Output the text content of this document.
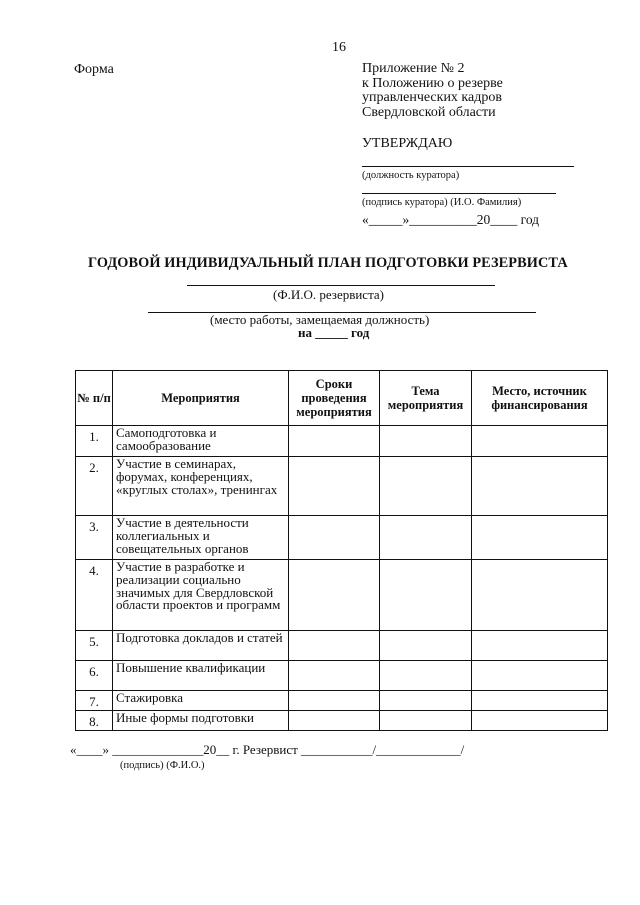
16
Форма	Приложение № 2
к Положению о резерве
управленческих кадров
Свердловской области
УТВЕРЖДАЮ
(должность куратора)
(подпись куратора) (И.О. Фамилия)
«_____»__________20____ год
ГОДОВОЙ ИНДИВИДУАЛЬНЫЙ ПЛАН ПОДГОТОВКИ РЕЗЕРВИСТА
(Ф.И.О. резервиста)
(место работы, замещаемая должность)
на _____ год
№ п/п	Мероприятия	Сроки проведения мероприятия	Тема мероприятия	Место, источник финансирования
1.	Самоподготовка и самообразование			
2.	Участие в семинарах, форумах, конференциях, «круглых столах», тренингах			
3.	Участие в деятельности коллегиальных и совещательных органов			
4.	Участие в разработке и реализации социально значимых для Свердловской области проектов и программ			
5.	Подготовка докладов и статей			
6.	Повышение квалификации			
7.	Стажировка			
8.	Иные формы подготовки			
«____» ______________20__ г. Резервист ___________/_____________/
(подпись) (Ф.И.О.)
